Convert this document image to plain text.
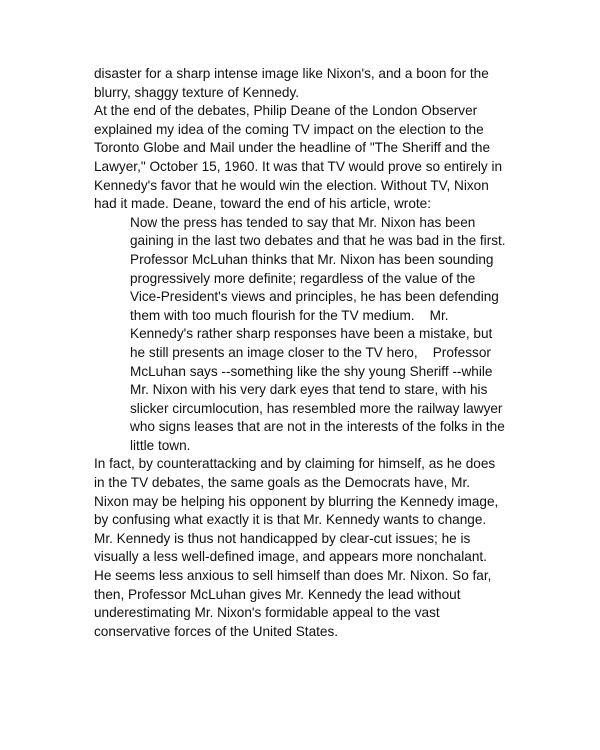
disaster for a sharp intense image like Nixon's, and a boon for the
blurry, shaggy texture of Kennedy.
At the end of the debates, Philip Deane of the London Observer
explained my idea of the coming TV impact on the election to the
Toronto Globe and Mail under the headline of "The Sheriff and the
Lawyer," October 15, 1960. It was that TV would prove so entirely in
Kennedy's favor that he would win the election. Without TV, Nixon
had it made. Deane, toward the end of his article, wrote:
Now the press has tended to say that Mr. Nixon has been
gaining in the last two debates and that he was bad in the first.
Professor McLuhan thinks that Mr. Nixon has been sounding
progressively more definite; regardless of the value of the
Vice-President's views and principles, he has been defending
them with too much flourish for the TV medium.    Mr.
Kennedy's rather sharp responses have been a mistake, but
he still presents an image closer to the TV hero,    Professor
McLuhan says --something like the shy young Sheriff --while
Mr. Nixon with his very dark eyes that tend to stare, with his
slicker circumlocution, has resembled more the railway lawyer
who signs leases that are not in the interests of the folks in the
little town.
In fact, by counterattacking and by claiming for himself, as he does
in the TV debates, the same goals as the Democrats have, Mr.
Nixon may be helping his opponent by blurring the Kennedy image,
by confusing what exactly it is that Mr. Kennedy wants to change.
Mr. Kennedy is thus not handicapped by clear-cut issues; he is
visually a less well-defined image, and appears more nonchalant.
He seems less anxious to sell himself than does Mr. Nixon. So far,
then, Professor McLuhan gives Mr. Kennedy the lead without
underestimating Mr. Nixon's formidable appeal to the vast
conservative forces of the United States.
